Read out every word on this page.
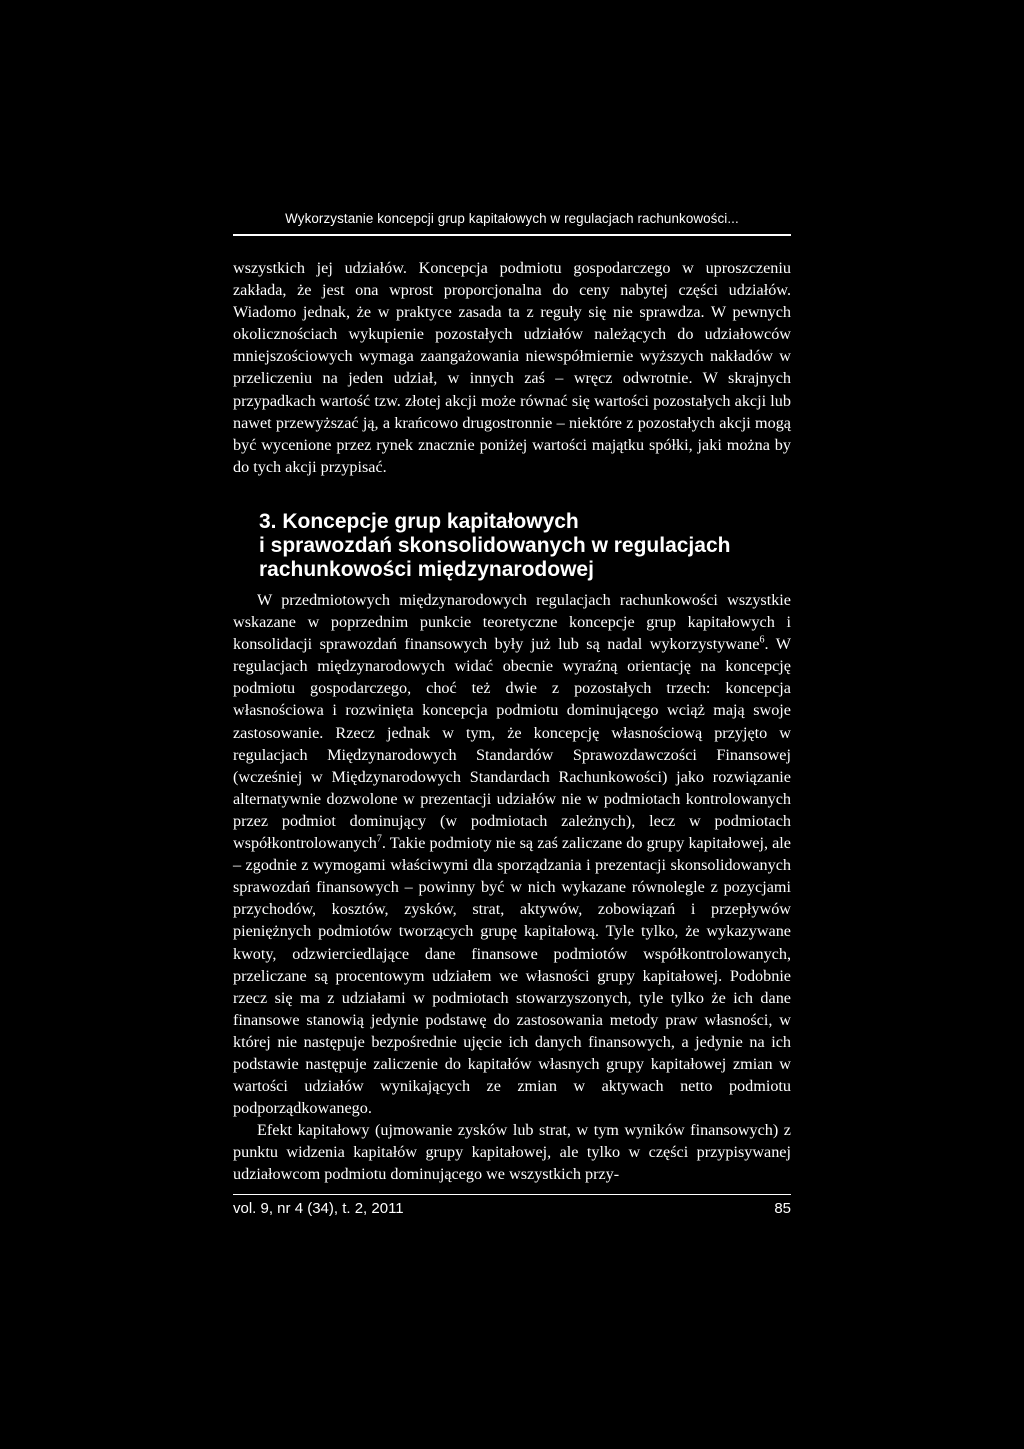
Wykorzystanie koncepcji grup kapitałowych w regulacjach rachunkowości...

wszystkich jej udziałów. Koncepcja podmiotu gospodarczego w uproszczeniu zakłada, że jest ona wprost proporcjonalna do ceny nabytej części udziałów. Wiadomo jednak, że w praktyce zasada ta z reguły się nie sprawdza. W pewnych okolicznościach wykupienie pozostałych udziałów należących do udziałowców mniejszościowych wymaga zaangażowania niewspółmiernie wyższych nakładów w przeliczeniu na jeden udział, w innych zaś – wręcz odwrotnie. W skrajnych przypadkach wartość tzw. złotej akcji może równać się wartości pozostałych akcji lub nawet przewyższać ją, a krańcowo drugostronnie – niektóre z pozostałych akcji mogą być wycenione przez rynek znacznie poniżej wartości majątku spółki, jaki można by do tych akcji przypisać.

3. Koncepcje grup kapitałowych
i sprawozdań skonsolidowanych w regulacjach
rachunkowości międzynarodowej

W przedmiotowych międzynarodowych regulacjach rachunkowości wszystkie wskazane w poprzednim punkcie teoretyczne koncepcje grup kapitałowych i konsolidacji sprawozdań finansowych były już lub są nadal wykorzystywane$^6$. W regulacjach międzynarodowych widać obecnie wyraźną orientację na koncepcję podmiotu gospodarczego, choć też dwie z pozostałych trzech: koncepcja własnościowa i rozwinięta koncepcja podmiotu dominującego wciąż mają swoje zastosowanie. Rzecz jednak w tym, że koncepcję własnościową przyjęto w regulacjach Międzynarodowych Standardów Sprawozdawczości Finansowej (wcześniej w Międzynarodowych Standardach Rachunkowości) jako rozwiązanie alternatywnie dozwolone w prezentacji udziałów nie w podmiotach kontrolowanych przez podmiot dominujący (w podmiotach zależnych), lecz w podmiotach współkontrolowanych$^7$. Takie podmioty nie są zaś zaliczane do grupy kapitałowej, ale – zgodnie z wymogami właściwymi dla sporządzania i prezentacji skonsolidowanych sprawozdań finansowych – powinny być w nich wykazane równolegle z pozycjami przychodów, kosztów, zysków, strat, aktywów, zobowiązań i przepływów pieniężnych podmiotów tworzących grupę kapitałową. Tyle tylko, że wykazywane kwoty, odzwierciedlające dane finansowe podmiotów współkontrolowanych, przeliczane są procentowym udziałem we własności grupy kapitałowej. Podobnie rzecz się ma z udziałami w podmiotach stowarzyszonych, tyle tylko że ich dane finansowe stanowią jedynie podstawę do zastosowania metody praw własności, w której nie następuje bezpośrednie ujęcie ich danych finansowych, a jedynie na ich podstawie następuje zaliczenie do kapitałów własnych grupy kapitałowej zmian w wartości udziałów wynikających ze zmian w aktywach netto podmiotu podporządkowanego.

Efekt kapitałowy (ujmowanie zysków lub strat, w tym wyników finansowych) z punktu widzenia kapitałów grupy kapitałowej, ale tylko w części przypisywanej udziałowcom podmiotu dominującego we wszystkich przy-

vol. 9, nr 4 (34), t. 2, 2011	85
